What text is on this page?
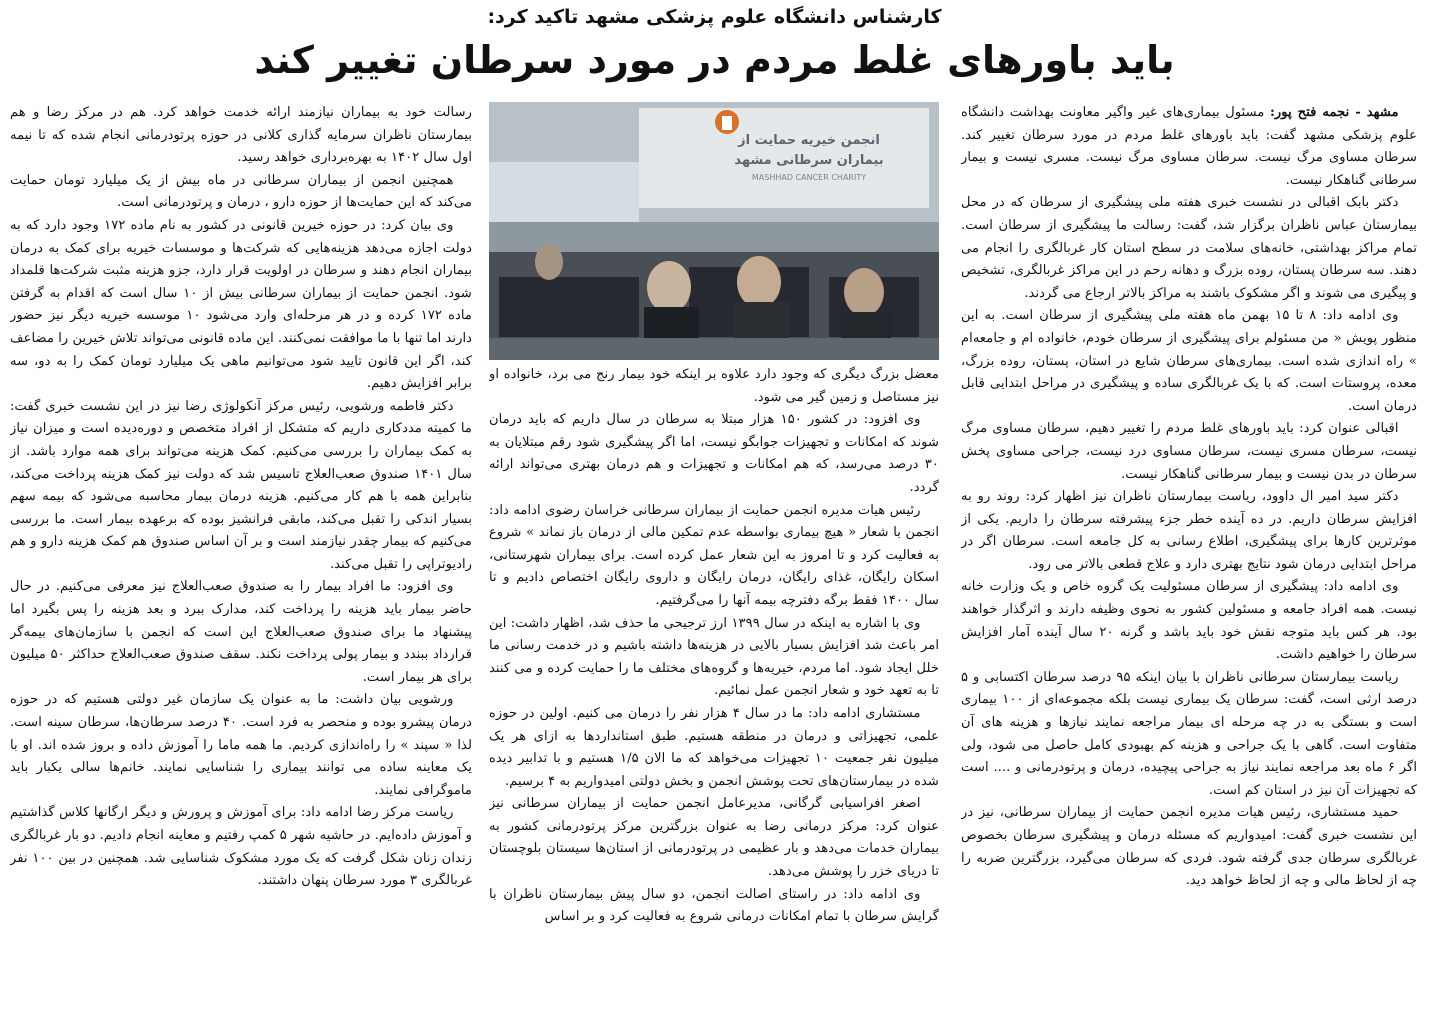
کارشناس دانشگاه علوم پزشکی مشهد تاکید کرد:
باید باورهای غلط مردم در مورد سرطان تغییر کند

مشهد - نجمه فتح پور: مسئول بیماری‌های غیر واگیر معاونت بهداشت دانشگاه علوم پزشکی مشهد گفت: باید باورهای غلط مردم در مورد سرطان تغییر کند. سرطان مساوی مرگ نیست. سرطان مساوی مرگ نیست. مسری نیست و بیمار سرطانی گناهکار نیست.

دکتر بابک اقبالی در نشست خبری هفته ملی پیشگیری از سرطان که در محل بیمارستان عباس ناظران برگزار شد، گفت: رسالت ما پیشگیری از سرطان است. تمام مراکز بهداشتی، خانه‌های سلامت در سطح استان کار غربالگری را انجام می دهند. سه سرطان پستان، روده بزرگ و دهانه رحم در این مراکز غربالگری، تشخیص و پیگیری می شوند و اگر مشکوک باشند به مراکز بالاتر ارجاع می گردند.

وی ادامه داد: ۸ تا ۱۵ بهمن ماه هفته ملی پیشگیری از سرطان است. به این منظور پویش « من مسئولم برای پیشگیری از سرطان خودم، خانواده ام و جامعه‌ام » راه اندازی شده است. بیماری‌های سرطان شایع در استان، پستان، روده بزرگ، معده، پروستات است. که با یک غربالگری ساده و پیشگیری در مراحل ابتدایی قابل درمان است.

اقبالی عنوان کرد: باید باورهای غلط مردم را تغییر دهیم، سرطان مساوی مرگ نیست، سرطان مسری نیست، سرطان مساوی درد نیست، جراحی مساوی پخش سرطان در بدن نیست و بیمار سرطانی گناهکار نیست.

دکتر سید امیر ال داوود، ریاست بیمارستان ناظران نیز اظهار کرد: روند رو به افزایش سرطان داریم. در ده آینده خطر جزء پیشرفته سرطان را داریم. یکی از موثرترین کارها برای پیشگیری، اطلاع رسانی به کل جامعه است. سرطان اگر در مراحل ابتدایی درمان شود نتایج بهتری دارد و علاج قطعی بالاتر می رود.

وی ادامه داد: پیشگیری از سرطان مسئولیت یک گروه خاص و یک وزارت خانه نیست. همه افراد جامعه و مسئولین کشور به نحوی وظیفه دارند و اثرگذار خواهند بود. هر کس باید متوجه نقش خود باید باشد و گرنه ۲۰ سال آینده آمار افزایش سرطان را خواهیم داشت.

ریاست بیمارستان سرطانی ناظران با بیان اینکه ۹۵ درصد سرطان اکتسابی و ۵ درصد ارثی است، گفت: سرطان یک بیماری نیست بلکه مجموعه‌ای از ۱۰۰ بیماری است و بستگی به در چه مرحله ای بیمار مراجعه نمایند نیازها و هزینه های آن متفاوت است. گاهی با یک جراحی و هزینه کم بهبودی کامل حاصل می شود، ولی اگر ۶ ماه بعد مراجعه نمایند نیاز به جراحی پیچیده، درمان و پرتودرمانی و .... است که تجهیزات آن نیز در استان کم است.

حمید مستشاری، رئیس هیات مدیره انجمن حمایت از بیماران سرطانی، نیز در این نشست خبری گفت: امیدواریم که مسئله درمان و پیشگیری سرطان بخصوص غربالگری سرطان جدی گرفته شود. فردی که سرطان می‌گیرد، بزرگترین ضربه را چه از لحاظ مالی و چه از لحاظ خواهد دید.

انجمن خیریه حمایت از
بیماران سرطانی مشهد
MASHHAD CANCER CHARITY

معضل بزرگ دیگری که وجود دارد علاوه بر اینکه خود بیمار رنج می برد، خانواده او نیز مستاصل و زمین گیر می شود.

وی افزود: در کشور ۱۵۰ هزار مبتلا به سرطان در سال داریم که باید درمان شوند که امکانات و تجهیزات جوابگو نیست، اما اگر پیشگیری شود رقم مبتلایان به ۳۰ درصد می‌رسد، که هم امکانات و تجهیزات و هم درمان بهتری می‌تواند ارائه گردد.

رئیس هیات مدیره انجمن حمایت از بیماران سرطانی خراسان رضوی ادامه داد: انجمن با شعار « هیچ بیماری بواسطه عدم تمکین مالی از درمان باز نماند » شروع به فعالیت کرد و تا امروز به این شعار عمل کرده است. برای بیماران شهرستانی، اسکان رایگان، غذای رایگان، درمان رایگان و داروی رایگان اختصاص دادیم و تا سال ۱۴۰۰ فقط برگه دفترچه بیمه آنها را می‌گرفتیم.

وی با اشاره به اینکه در سال ۱۳۹۹ ارز ترجیحی ما حذف شد، اظهار داشت: این امر باعث شد افزایش بسیار بالایی در هزینه‌ها داشته باشیم و در خدمت رسانی ما خلل ایجاد شود. اما مردم، خیریه‌ها و گروه‌های مختلف ما را حمایت کرده و می کنند تا به تعهد خود و شعار انجمن عمل نمائیم.

مستشاری ادامه داد: ما در سال ۴ هزار نفر را درمان می کنیم. اولین در حوزه علمی، تجهیزاتی و درمان در منطقه هستیم. طبق استانداردها به ازای هر یک میلیون نفر جمعیت ۱۰ تجهیزات می‌خواهد که ما الان ۱/۵ هستیم و با تدابیر دیده شده در بیمارستان‌های تحت پوشش انجمن و بخش دولتی امیدواریم به ۴ برسیم.

اصغر افراسیابی گرگانی، مدیرعامل انجمن حمایت از بیماران سرطانی نیز عنوان کرد: مرکز درمانی رضا به عنوان بزرگترین مرکز پرتودرمانی کشور به بیماران خدمات می‌دهد و بار عظیمی در پرتودرمانی از استان‌ها سیستان بلوچستان تا دریای خزر را پوشش می‌دهد.

وی ادامه داد: در راستای اصالت انجمن، دو سال پیش بیمارستان ناظران با گرایش سرطان با تمام امکانات درمانی شروع به فعالیت کرد و بر اساس

رسالت خود به بیماران نیازمند ارائه خدمت خواهد کرد. هم در مرکز رضا و هم بیمارستان ناظران سرمایه گذاری کلانی در حوزه پرتودرمانی انجام شده که تا نیمه اول سال ۱۴۰۲ به بهره‌برداری خواهد رسید.

همچنین انجمن از بیماران سرطانی در ماه بیش از یک میلیارد تومان حمایت می‌کند که این حمایت‌ها از حوزه دارو ، درمان و پرتودرمانی است.

وی بیان کرد: در حوزه خیرین قانونی در کشور به نام ماده ۱۷۲ وجود دارد که به دولت اجازه می‌دهد هزینه‌هایی که شرکت‌ها و موسسات خیریه برای کمک به درمان بیماران انجام دهند و سرطان در اولویت قرار دارد، جزو هزینه مثبت شرکت‌ها قلمداد شود. انجمن حمایت از بیماران سرطانی بیش از ۱۰ سال است که اقدام به گرفتن ماده ۱۷۲ کرده و در هر مرحله‌ای وارد می‌شود ۱۰ موسسه خیریه دیگر نیز حضور دارند اما تنها با ما موافقت نمی‌کنند. این ماده قانونی می‌تواند تلاش خیرین را مضاعف کند، اگر این قانون تایید شود می‌توانیم ماهی یک میلیارد تومان کمک را به دو، سه برابر افزایش دهیم.

دکتر فاطمه ورشویی، رئیس مرکز آنکولوژی رضا نیز در این نشست خبری گفت: ما کمیته مددکاری داریم که متشکل از افراد متخصص و دوره‌دیده است و میزان نیاز به کمک بیماران را بررسی می‌کنیم. کمک هزینه می‌تواند برای همه موارد باشد. از سال ۱۴۰۱ صندوق صعب‌العلاج تاسیس شد که دولت نیز کمک هزینه پرداخت می‌کند، بنابراین همه با هم کار می‌کنیم. هزینه درمان بیمار محاسبه می‌شود که بیمه سهم بسیار اندکی را تقبل می‌کند، مابقی فرانشیز بوده که برعهده بیمار است. ما بررسی می‌کنیم که بیمار چقدر نیازمند است و بر آن اساس صندوق هم کمک هزینه دارو و هم رادیوتراپی را تقبل می‌کند.

وی افزود: ما افراد بیمار را به صندوق صعب‌العلاج نیز معرفی می‌کنیم. در حال حاضر بیمار باید هزینه را پرداخت کند، مدارک ببرد و بعد هزینه را پس بگیرد اما پیشنهاد ما برای صندوق صعب‌العلاج این است که انجمن با سازمان‌های بیمه‌گر قرارداد ببندد و بیمار پولی پرداخت نکند. سقف صندوق صعب‌العلاج حداکثر ۵۰ میلیون برای هر بیمار است.

ورشویی بیان داشت: ما به عنوان یک سازمان غیر دولتی هستیم که در حوزه درمان پیشرو بوده و منحصر به فرد است. ۴۰ درصد سرطان‌ها، سرطان سینه است. لذا « سپند » را راه‌اندازی کردیم. ما همه ماما را آموزش داده و بروز شده اند. او با یک معاینه ساده می توانند بیماری را شناسایی نمایند. خانم‌ها سالی یکبار باید ماموگرافی نمایند.

ریاست مرکز رضا ادامه داد: برای آموزش و پرورش و دیگر ارگانها کلاس گذاشتیم و آموزش داده‌ایم. در حاشیه شهر ۵ کمپ رفتیم و معاینه انجام دادیم. دو بار غربالگری زندان زنان شکل گرفت که یک مورد مشکوک شناسایی شد. همچنین در بین ۱۰۰ نفر غربالگری ۳ مورد سرطان پنهان داشتند.
